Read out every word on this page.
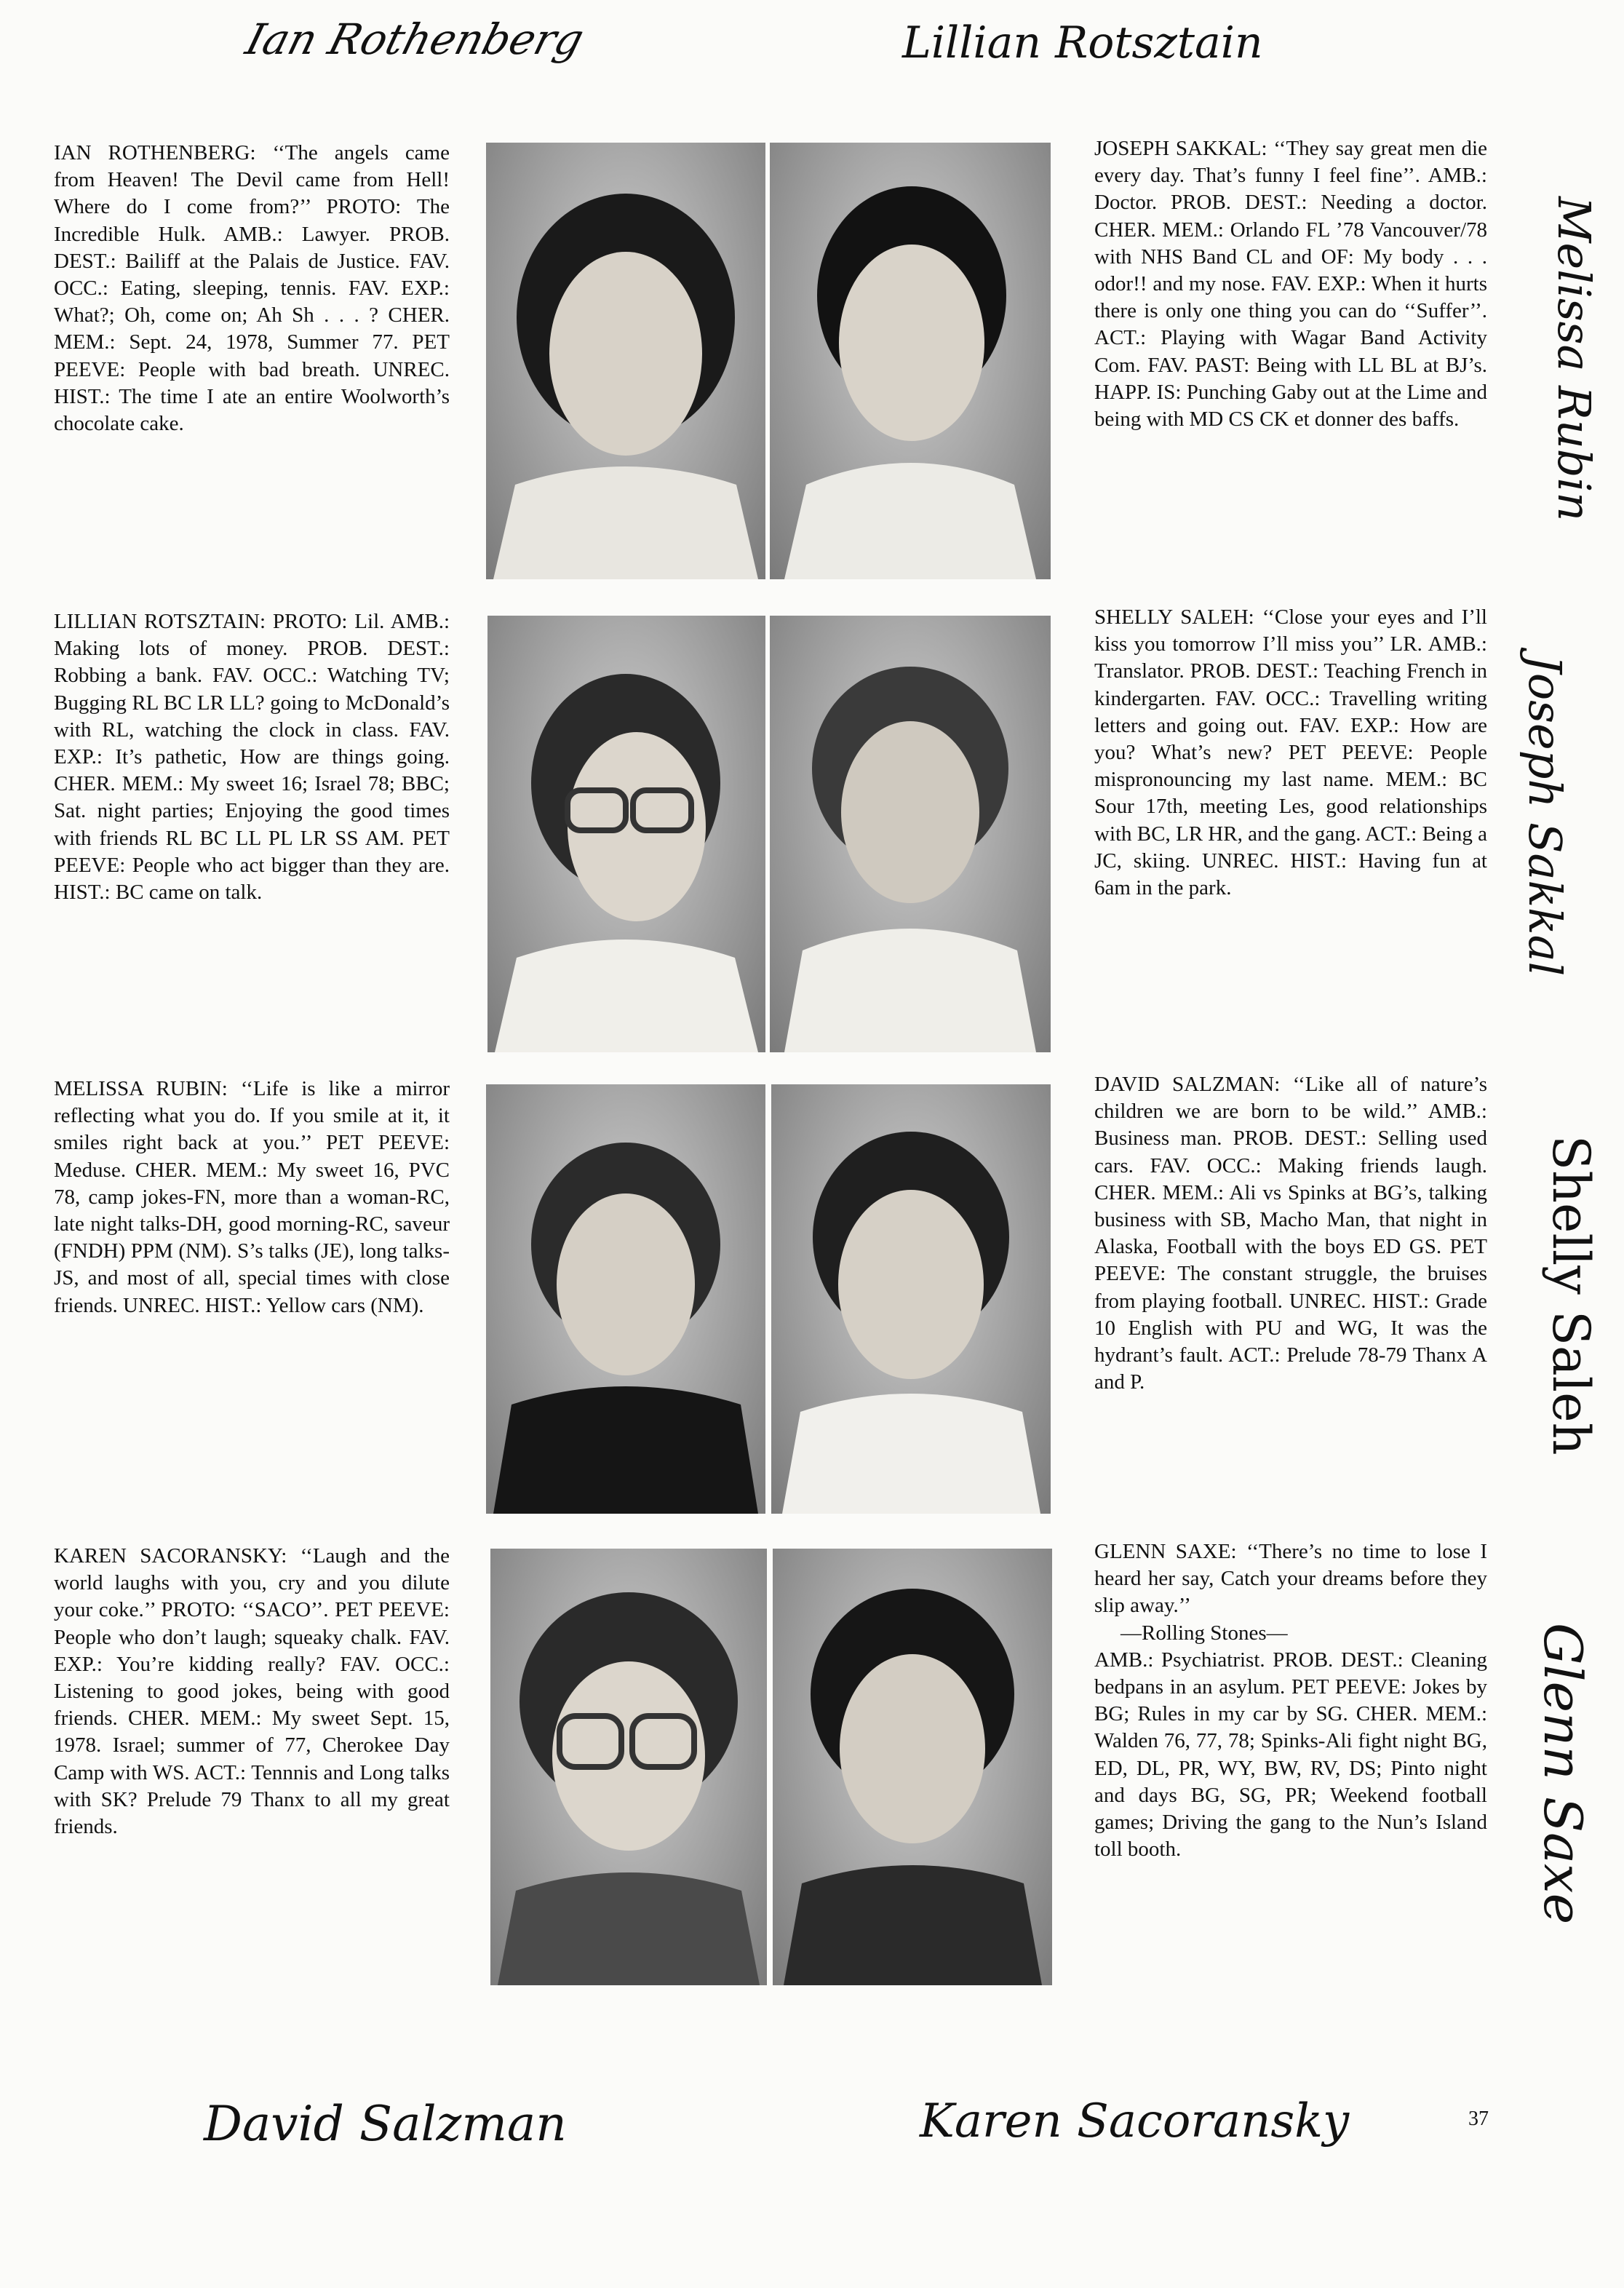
Ian Rothenberg	Lillian Rotsztain
IAN ROTHENBERG: ‘‘The angels came from Heaven! The Devil came from Hell! Where do I come from?’’ PROTO: The Incredible Hulk. AMB.: Lawyer. PROB. DEST.: Bailiff at the Palais de Justice. FAV. OCC.: Eating, sleeping, tennis. FAV. EXP.: What?; Oh, come on; Ah Sh . . . ? CHER. MEM.: Sept. 24, 1978, Summer 77. PET PEEVE: People with bad breath. UNREC. HIST.: The time I ate an entire Woolworth’s chocolate cake.
JOSEPH SAKKAL: ‘‘They say great men die every day. That’s funny I feel fine’’. AMB.: Doctor. PROB. DEST.: Needing a doctor. CHER. MEM.: Orlando FL ’78 Vancouver/78 with NHS Band CL and OF: My body . . . odor!! and my nose. FAV. EXP.: When it hurts there is only one thing you can do ‘‘Suffer’’. ACT.: Playing with Wagar Band Activity Com. FAV. PAST: Being with LL BL at BJ’s. HAPP. IS: Punching Gaby out at the Lime and being with MD CS CK et donner des baffs.	Melissa Rubin
LILLIAN ROTSZTAIN: PROTO: Lil. AMB.: Making lots of money. PROB. DEST.: Robbing a bank. FAV. OCC.: Watching TV; Bugging RL BC LR LL? going to McDonald’s with RL, watching the clock in class. FAV. EXP.: It’s pathetic, How are things going. CHER. MEM.: My sweet 16; Israel 78; BBC; Sat. night parties; Enjoying the good times with friends RL BC LL PL LR SS AM. PET PEEVE: People who act bigger than they are. HIST.: BC came on talk.
SHELLY SALEH: ‘‘Close your eyes and I’ll kiss you tomorrow I’ll miss you’’ LR. AMB.: Translator. PROB. DEST.: Teaching French in kindergarten. FAV. OCC.: Travelling writing letters and going out. FAV. EXP.: How are you? What’s new? PET PEEVE: People mispronouncing my last name. MEM.: BC Sour 17th, meeting Les, good relationships with BC, LR HR, and the gang. ACT.: Being a JC, skiing. UNREC. HIST.: Having fun at 6am in the park.	Joseph Sakkal
MELISSA RUBIN: ‘‘Life is like a mirror reflecting what you do. If you smile at it, it smiles right back at you.’’ PET PEEVE: Meduse. CHER. MEM.: My sweet 16, PVC 78, camp jokes-FN, more than a woman-RC, late night talks-DH, good morning-RC, saveur (FNDH) PPM (NM). S’s talks (JE), long talks-JS, and most of all, special times with close friends. UNREC. HIST.: Yellow cars (NM).
DAVID SALZMAN: ‘‘Like all of nature’s children we are born to be wild.’’ AMB.: Business man. PROB. DEST.: Selling used cars. FAV. OCC.: Making friends laugh. CHER. MEM.: Ali vs Spinks at BG’s, talking business with SB, Macho Man, that night in Alaska, Football with the boys ED GS. PET PEEVE: The constant struggle, the bruises from playing football. UNREC. HIST.: Grade 10 English with PU and WG, It was the hydrant’s fault. ACT.: Prelude 78-79 Thanx A and P.	Shelly Saleh
KAREN SACORANSKY: ‘‘Laugh and the world laughs with you, cry and you dilute your coke.’’ PROTO: ‘‘SACO’’. PET PEEVE: People who don’t laugh; squeaky chalk. FAV. EXP.: You’re kidding really? FAV. OCC.: Listening to good jokes, being with good friends. CHER. MEM.: My sweet Sept. 15, 1978. Israel; summer of 77, Cherokee Day Camp with WS. ACT.: Tennnis and Long talks with SK? Prelude 79 Thanx to all my great friends.
GLENN SAXE: ‘‘There’s no time to lose I heard her say, Catch your dreams before they slip away.’’
—Rolling Stones—
AMB.: Psychiatrist. PROB. DEST.: Cleaning bedpans in an asylum. PET PEEVE: Jokes by BG; Rules in my car by SG. CHER. MEM.: Walden 76, 77, 78; Spinks-Ali fight night BG, ED, DL, PR, WY, BW, RV, DS; Pinto night and days BG, SG, PR; Weekend football games; Driving the gang to the Nun’s Island toll booth.	Glenn Saxe
David Salzman	Karen Sacoransky	37
